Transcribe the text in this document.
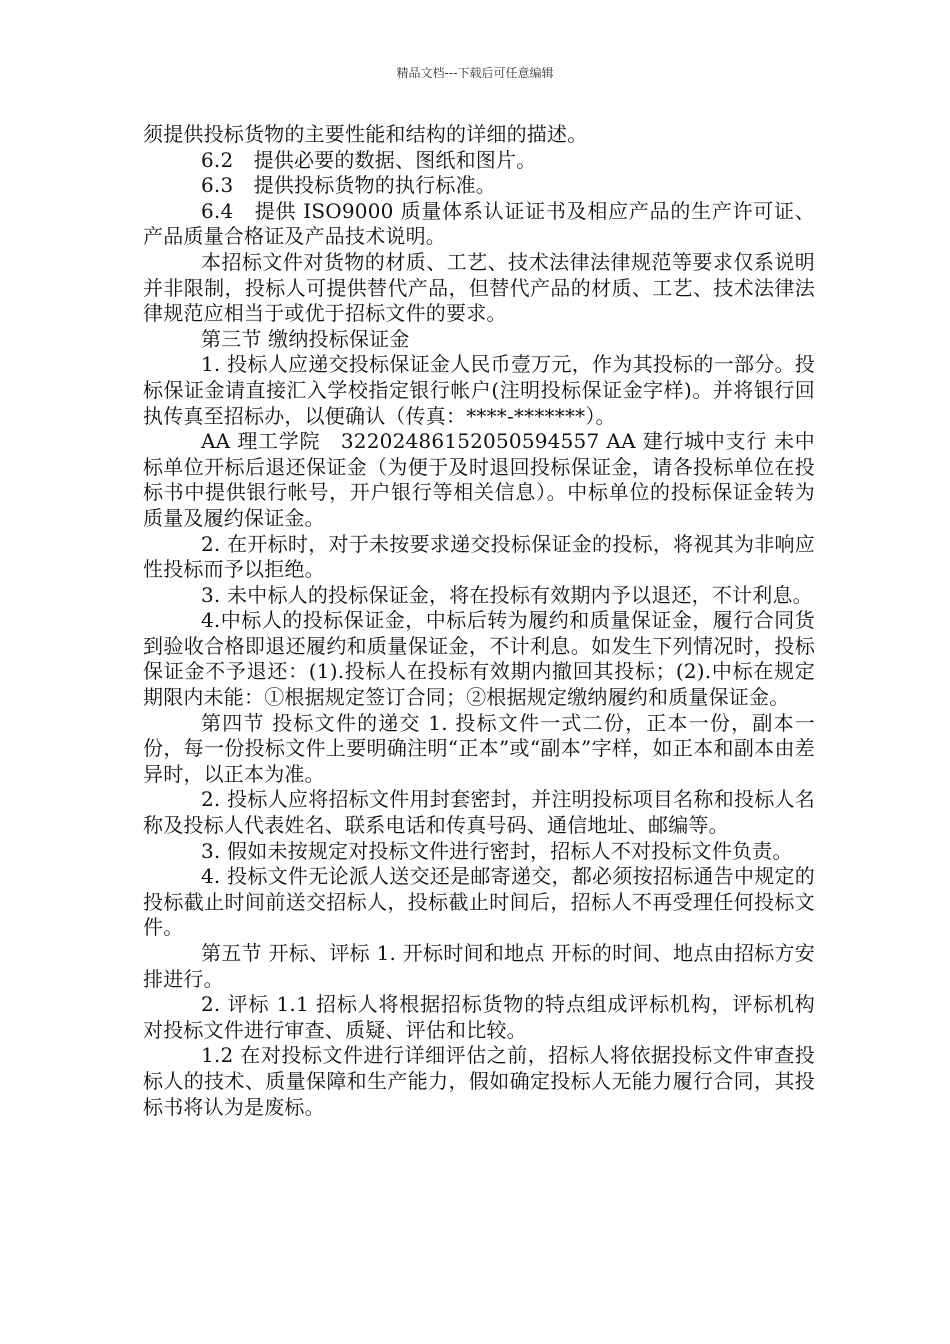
精品文档---下载后可任意编辑

须提供投标货物的主要性能和结构的详细的描述。

6.2　提供必要的数据、图纸和图片。

6.3　提供投标货物的执行标准。

6.4　提供 ISO9000 质量体系认证证书及相应产品的生产许可证、产品质量合格证及产品技术说明。

本招标文件对货物的材质、工艺、技术法律法律规范等要求仅系说明并非限制，投标人可提供替代产品，但替代产品的材质、工艺、技术法律法律规范应相当于或优于招标文件的要求。

第三节 缴纳投标保证金

1. 投标人应递交投标保证金人民币壹万元，作为其投标的一部分。投标保证金请直接汇入学校指定银行帐户(注明投标保证金字样)。并将银行回执传真至招标办，以便确认（传真：****-*******）。

AA 理工学院　32202486152050594557 AA 建行城中支行 未中标单位开标后退还保证金（为便于及时退回投标保证金，请各投标单位在投标书中提供银行帐号，开户银行等相关信息）。中标单位的投标保证金转为质量及履约保证金。

2. 在开标时，对于未按要求递交投标保证金的投标，将视其为非响应性投标而予以拒绝。

3. 未中标人的投标保证金，将在投标有效期内予以退还，不计利息。

4.中标人的投标保证金，中标后转为履约和质量保证金，履行合同货到验收合格即退还履约和质量保证金，不计利息。如发生下列情况时，投标保证金不予退还：(1).投标人在投标有效期内撤回其投标；(2).中标在规定期限内未能：①根据规定签订合同；②根据规定缴纳履约和质量保证金。

第四节 投标文件的递交 1. 投标文件一式二份，正本一份，副本一份，每一份投标文件上要明确注明“正本”或“副本”字样，如正本和副本由差异时，以正本为准。

2. 投标人应将招标文件用封套密封，并注明投标项目名称和投标人名称及投标人代表姓名、联系电话和传真号码、通信地址、邮编等。

3. 假如未按规定对投标文件进行密封，招标人不对投标文件负责。

4. 投标文件无论派人送交还是邮寄递交，都必须按招标通告中规定的投标截止时间前送交招标人，投标截止时间后，招标人不再受理任何投标文件。

第五节 开标、评标 1. 开标时间和地点 开标的时间、地点由招标方安排进行。

2. 评标 1.1 招标人将根据招标货物的特点组成评标机构，评标机构对投标文件进行审查、质疑、评估和比较。

1.2 在对投标文件进行详细评估之前，招标人将依据投标文件审查投标人的技术、质量保障和生产能力，假如确定投标人无能力履行合同，其投标书将认为是废标。
